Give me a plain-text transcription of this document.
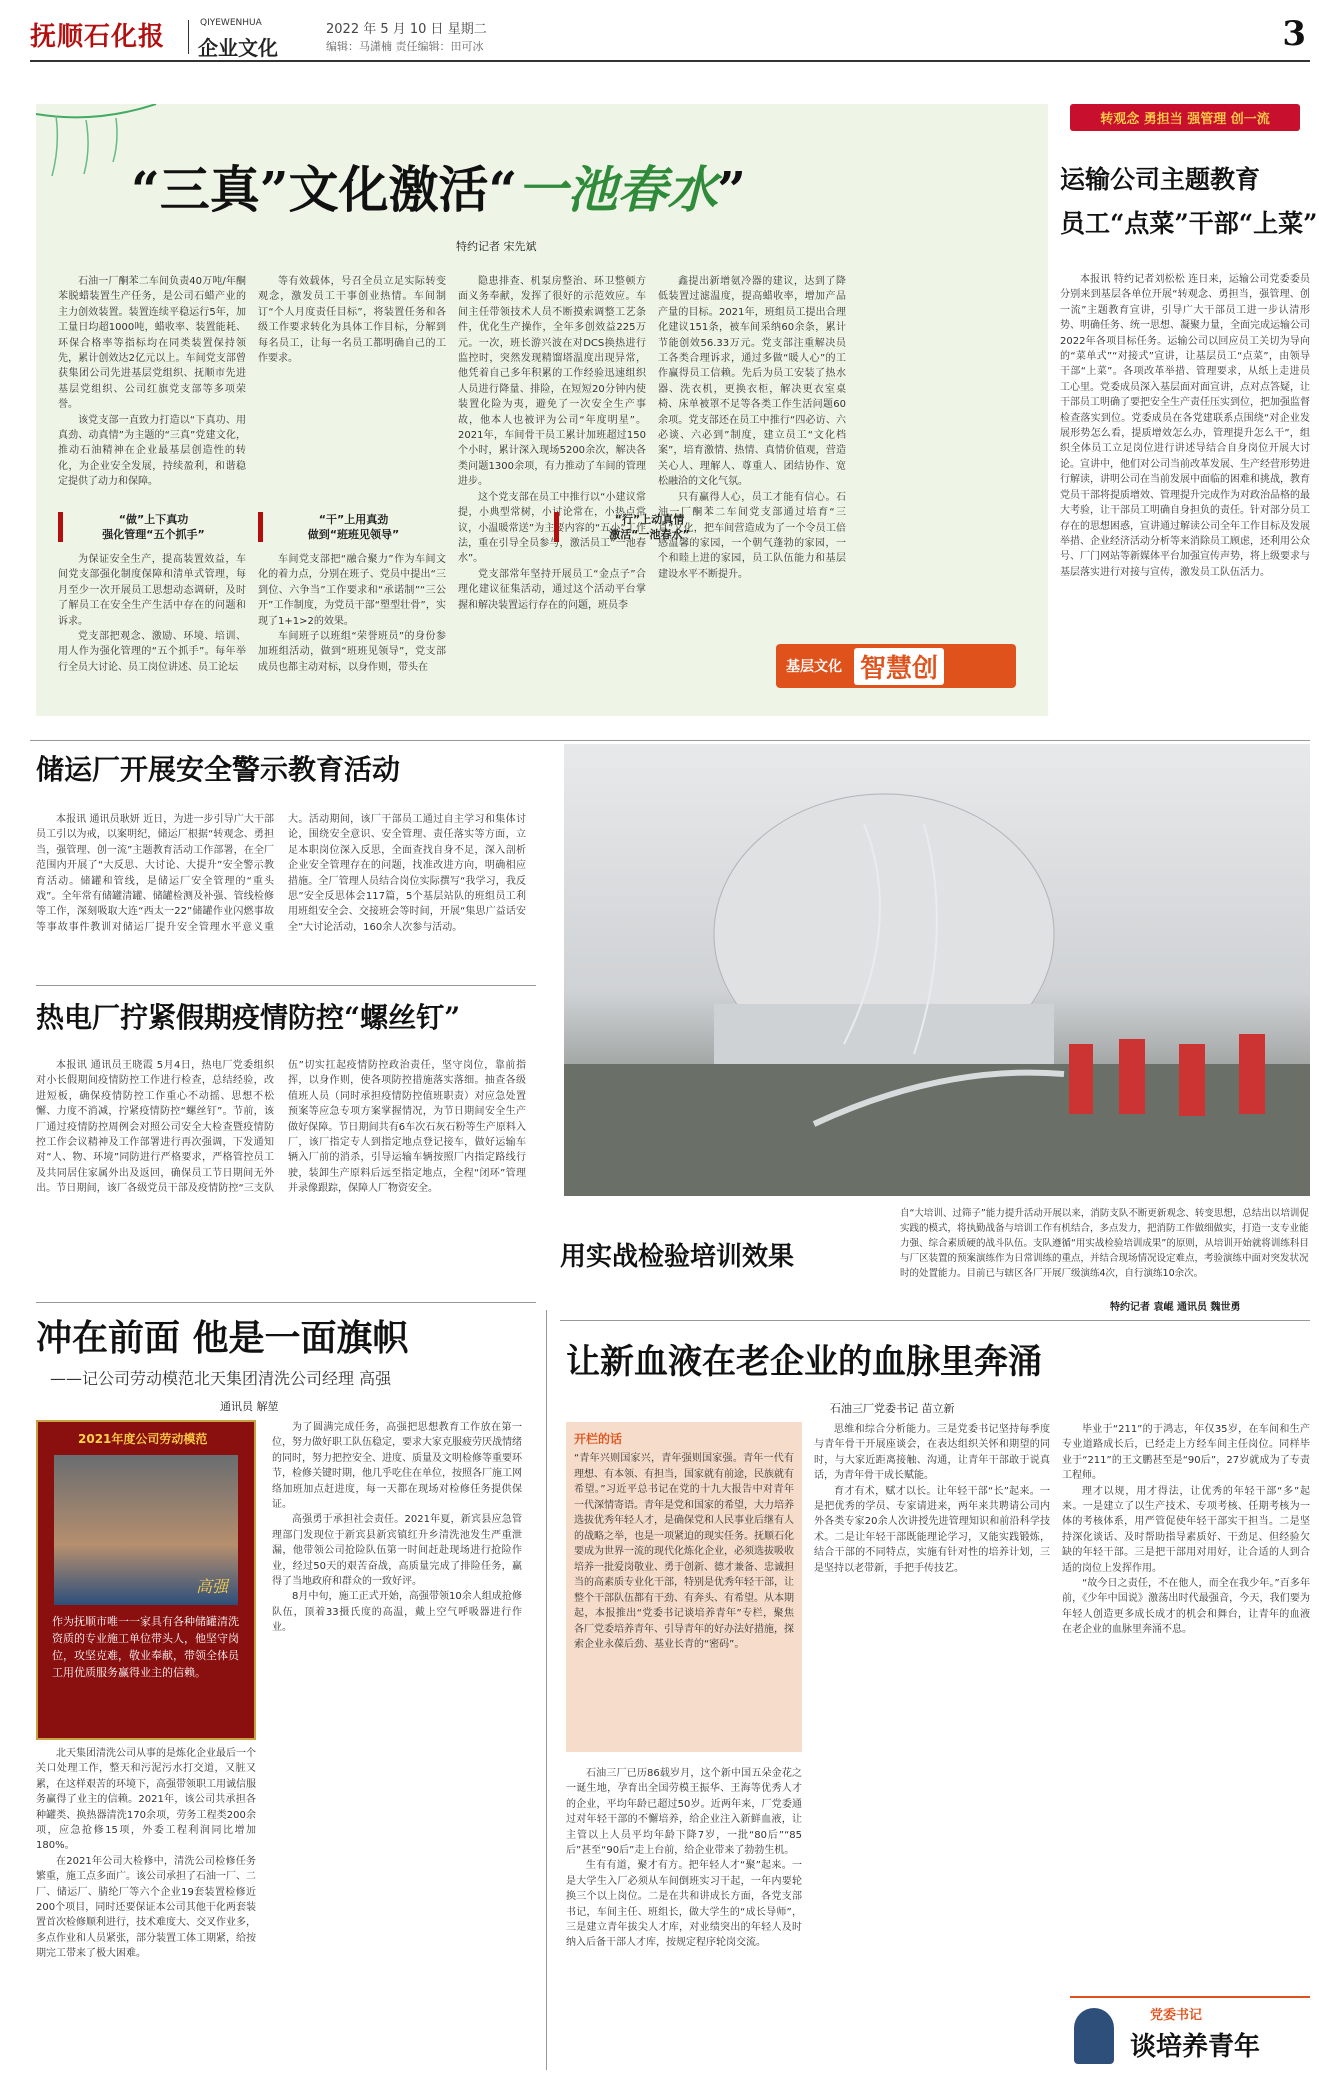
抚顺石化报	QIYEWENHUA
企业文化
2022 年 5 月 10 日 星期二
编辑：马潇楠 责任编辑：田可冰	3
“三真”文化激活“一池春水”
特约记者 宋先斌

石油一厂酮苯二车间负责40万吨/年酮苯脱蜡装置生产任务，是公司石蜡产业的主力创效装置。装置连续平稳运行5年，加工量日均超1000吨，蜡收率、装置能耗、环保合格率等指标均在同类装置保持领先，累计创效达2亿元以上。车间党支部曾获集团公司先进基层党组织、抚顺市先进基层党组织、公司红旗党支部等多项荣誉。

该党支部一直致力打造以“下真功、用真劲、动真情”为主题的“三真”党建文化，推动石油精神在企业最基层创造性的转化，为企业安全发展，持续盈利，和谐稳定提供了动力和保障。

等有效载体，号召全员立足实际转变观念，激发员工干事创业热情。车间制订“个人月度责任目标”，将装置任务和各级工作要求转化为具体工作目标，分解到每名员工，让每一名员工都明确自己的工作要求。

隐患排查、机泵房整治、环卫整顿方面义务奉献，发挥了很好的示范效应。车间主任带领技术人员不断摸索调整工艺条件，优化生产操作，全年多创效益225万元。一次，班长游兴波在对DCS换热进行监控时，突然发现精馏塔温度出现异常，他凭着自己多年积累的工作经验迅速组织人员进行降量、排险，在短短20分钟内使装置化险为夷，避免了一次安全生产事故，他本人也被评为公司“年度明星”。2021年，车间骨干员工累计加班超过150个小时，累计深入现场5200余次，解决各类问题1300余项，有力推动了车间的管理进步。

这个党支部在员工中推行以“小建议常提，小典型常树，小讨论常在，小热点常议，小温暖常送”为主要内容的“五小”工作法，重在引导全员参与，激活员工“一池春水”。

党支部常年坚持开展员工“金点子”合理化建议征集活动，通过这个活动平台掌握和解决装置运行存在的问题，班员李

鑫提出新增氨冷器的建议，达到了降低装置过滤温度，提高蜡收率，增加产品产量的目标。2021年，班组员工提出合理化建议151条，被车间采纳60余条，累计节能创效56.33万元。党支部注重解决员工各类合理诉求，通过多做“暖人心”的工作赢得员工信赖。先后为员工安装了热水器、洗衣机，更换衣柜，解决更衣室桌椅、床单被罩不足等各类工作生活问题60余项。党支部还在员工中推行“四必访、六必谈、六必到”制度，建立员工“文化档案”，培育激情、热情、真情价值观，营造关心人、理解人、尊重人、团结协作、宽松融洽的文化气氛。

只有赢得人心，员工才能有信心。石油一厂酮苯二车间党支部通过培育“三真”文化，把车间营造成为了一个令员工倍感温馨的家园，一个朝气蓬勃的家园，一个和睦上进的家园，员工队伍能力和基层建设水平不断提升。

“做”上下真功
强化管理“五个抓手”
“干”上用真劲
做到“班班见领导”
“行”上动真情
激活“一池春水”

为保证安全生产，提高装置效益，车间党支部强化制度保障和清单式管理，每月至少一次开展员工思想动态调研，及时了解员工在安全生产生活中存在的问题和诉求。

党支部把观念、激励、环境、培训、用人作为强化管理的“五个抓手”。每年举行全员大讨论、员工岗位讲述、员工论坛

车间党支部把“融合聚力”作为车间文化的着力点，分别在班子、党员中提出“三到位、六争当”工作要求和“承诺制”“三公开”工作制度，为党员干部“塑型壮骨”，实现了1+1>2的效果。

车间班子以班组“荣誉班员”的身份参加班组活动，做到“班班见领导”，党支部成员也都主动对标，以身作则，带头在	基层文化 智慧创
转观念 勇担当 强管理 创一流
运输公司主题教育
员工“点菜”干部“上菜”

本报讯 特约记者刘松松 连日来，运输公司党委委员分别来到基层各单位开展“转观念、勇担当，强管理、创一流”主题教育宣讲，引导广大干部员工进一步认清形势、明确任务、统一思想、凝聚力量，全面完成运输公司2022年各项目标任务。运输公司以回应员工关切为导向的“菜单式”“对接式”宣讲，让基层员工“点菜”，由领导干部“上菜”。各项改革举措、管理要求，从纸上走进员工心里。党委成员深入基层面对面宣讲，点对点答疑，让干部员工明确了要把安全生产责任压实到位，把加强监督检查落实到位。党委成员在各党建联系点围绕“对企业发展形势怎么看，提质增效怎么办，管理提升怎么干”，组织全体员工立足岗位进行讲述导结合自身岗位开展大讨论。宣讲中，他们对公司当前改革发展、生产经营形势进行解读，讲明公司在当前发展中面临的困难和挑战，教育党员干部将提质增效、管理提升完成作为对政治品格的最大考验，让干部员工明确自身担负的责任。针对部分员工存在的思想困惑，宣讲通过解读公司全年工作目标及发展举措、企业经济活动分析等来消除员工顾虑，还利用公众号、厂门网站等新媒体平台加强宣传声势，将上级要求与基层落实进行对接与宣传，激发员工队伍活力。

储运厂开展安全警示教育活动

本报讯 通讯员耿妍 近日，为进一步引导广大干部员工引以为戒，以案明纪，储运厂根据“转观念、勇担当，强管理、创一流”主题教育活动工作部署，在全厂范围内开展了“大反思、大讨论、大提升”安全警示教育活动。储罐和管线，是储运厂安全管理的“重头戏”。全年常有储罐清罐、储罐检测及补强、管线检修等工作，深刻吸取大连“西太一22”储罐作业闪燃事故等事故事件教训对储运厂提升安全管理水平意义重大。活动期间，该厂干部员工通过自主学习和集体讨论，围绕安全意识、安全管理、责任落实等方面，立足本职岗位深入反思，全面查找自身不足，深入剖析企业安全管理存在的问题，找准改进方向，明确相应措施。全厂管理人员结合岗位实际撰写“我学习，我反思”安全反思体会117篇，5个基层站队的班组员工利用班组安全会、交接班会等时间，开展“集思广益话安全”大讨论活动，160余人次参与活动。

热电厂拧紧假期疫情防控“螺丝钉”

本报讯 通讯员王晓霞 5月4日，热电厂党委组织对小长假期间疫情防控工作进行检查，总结经验，改进短板，确保疫情防控工作重心不动摇、思想不松懈、力度不消减，拧紧疫情防控“螺丝钉”。节前，该厂通过疫情防控周例会对照公司安全大检查暨疫情防控工作会议精神及工作部署进行再次强调，下发通知对“人、物、环境”同防进行严格要求，严格管控员工及共同居住家属外出及返回，确保员工节日期间无外出。节日期间，该厂各级党员干部及疫情防控“三支队伍”切实扛起疫情防控政治责任，坚守岗位，靠前指挥，以身作则，使各项防控措施落实落细。抽查各级值班人员（同时承担疫情防控值班职责）对应急处置预案等应急专项方案掌握情况，为节日期间安全生产做好保障。节日期间共有6车次石灰石粉等生产原料入厂，该厂指定专人到指定地点登记接车，做好运输车辆入厂前的消杀，引导运输车辆按照厂内指定路线行驶，装卸生产原料后远至指定地点，全程“闭环”管理并录像跟踪，保障人厂物资安全。

用实战检验培训效果
自“大培训、过筛子”能力提升活动开展以来，消防支队不断更新观念、转变思想，总结出以培训促实践的模式，将执勤战备与培训工作有机结合，多点发力，把消防工作做细做实，打造一支专业能力强、综合素质硬的战斗队伍。支队遵循“用实战检验培训成果”的原则，从培训开始就将训练科目与厂区装置的预案演练作为日常训练的重点，并结合现场情况设定难点，考验演练中面对突发状况时的处置能力。目前已与辖区各厂开展厂级演练4次，自行演练10余次。
特约记者 袁崐 通讯员 魏世勇
冲在前面 他是一面旗帜
——记公司劳动模范北天集团清洗公司经理 高强
通讯员 解堃
2021年度公司劳动模范
高强
作为抚顺市唯一一家具有各种储罐清洗资质的专业施工单位带头人，他坚守岗位，攻坚克难，敬业奉献，带领全体员工用优质服务赢得业主的信赖。

北天集团清洗公司从事的是炼化企业最后一个关口处理工作，整天和污泥污水打交道，又脏又累，在这样艰苦的环境下，高强带领职工用诚信服务赢得了业主的信赖。2021年，该公司共承担各种罐类、换热器清洗170余项，劳务工程类200余项，应急抢修15项，外委工程利润同比增加180%。

在2021年公司大检修中，清洗公司检修任务繁重，施工点多面广。该公司承担了石油一厂、二厂、储运厂、腈纶厂等六个企业19套装置检修近200个项目，同时还要保证本公司其他干化两套装置首次检修顺利进行，技术难度大、交叉作业多，多点作业和人员紧张，部分装置工体工期紧，给按期完工带来了极大困难。

为了圆满完成任务，高强把思想教育工作放在第一位，努力做好职工队伍稳定，要求大家克服疲劳厌战情绪的同时，努力把控安全、进度、质量及文明检修等重要环节，检修关键时期，他几乎吃住在单位，按照各厂施工网络加班加点赶进度，每一天都在现场对检修任务提供保证。

高强勇于承担社会责任。2021年夏，新宾县应急管理部门发现位于新宾县新宾镇红升乡清洗池发生严重泄漏，他带领公司抢险队伍第一时间赶赴现场进行抢险作业，经过50天的艰苦奋战，高质量完成了排险任务，赢得了当地政府和群众的一致好评。

8月中旬，施工正式开始，高强带领10余人组成抢修队伍，顶着33摄氏度的高温，戴上空气呼吸器进行作业。

让新血液在老企业的血脉里奔涌
石油三厂党委书记 苗立新
开栏的话
“青年兴则国家兴，青年强则国家强。青年一代有理想、有本领、有担当，国家就有前途，民族就有希望。”习近平总书记在党的十九大报告中对青年一代深情寄语。青年是党和国家的希望，大力培养选拔优秀年轻人才，是确保党和人民事业后继有人的战略之举，也是一项紧迫的现实任务。抚顺石化要成为世界一流的现代化炼化企业，必须选拔吸收培养一批爱岗敬业、勇于创新、德才兼备、忠诚担当的高素质专业化干部，特别是优秀年轻干部，让整个干部队伍都有干劲、有奔头、有希望。从本期起，本报推出“党委书记谈培养青年”专栏，聚焦各厂党委培养青年、引导青年的好办法好措施，探索企业永葆后劲、基业长青的“密码”。

石油三厂已历86载岁月，这个新中国五朵金花之一诞生地，孕育出全国劳模王振华、王海等优秀人才的企业，平均年龄已超过50岁。近两年来，厂党委通过对年轻干部的不懈培养，给企业注入新鲜血液，让主管以上人员平均年龄下降7岁，一批“80后”“85后”甚至“90后”走上台前，给企业带来了勃勃生机。

生有有道，聚才有方。把年轻人才“聚”起来。一是大学生入厂必须从车间倒班实习干起，一年内要轮换三个以上岗位。二是在共和讲成长方面，各党支部书记，车间主任、班组长，做大学生的“成长导师”，三是建立青年拔尖人才库，对业绩突出的年轻人及时纳入后备干部人才库，按规定程序轮岗交流。

思维和综合分析能力。三是党委书记坚持每季度与青年骨干开展座谈会，在表达组织关怀和期望的同时，与大家近距离接触、沟通，让青年干部敢于说真话，为青年骨干成长赋能。

育才有术，赋才以长。让年轻干部“长”起来。一是把优秀的学员、专家请进来，两年来共聘请公司内外各类专家20余人次讲授先进管理知识和前沿科学技术。二是让年轻干部既能理论学习，又能实践锻炼，结合干部的不同特点，实施有针对性的培养计划，三是坚持以老带新，手把手传技艺。

毕业于“211”的于鸿志，年仅35岁，在车间和生产专业道路成长后，已经走上方经车间主任岗位。同样毕业于“211”的王文鹏甚至是“90后”，27岁就成为了专责工程师。

理才以规，用才得法，让优秀的年轻干部“多”起来。一是建立了以生产技术、专项考核、任期考核为一体的考核体系，用严管促使年轻干部实干担当。二是坚持深化谈话、及时帮助指导素质好、干劲足、但经验欠缺的年轻干部。三是把干部用对用好，让合适的人到合适的岗位上发挥作用。

“故今日之责任，不在他人，而全在我少年。”百多年前，《少年中国说》激荡出时代最强音，今天，我们要为年轻人创造更多成长成才的机会和舞台，让青年的血液在老企业的血脉里奔涌不息。

党委书记
谈培养青年
